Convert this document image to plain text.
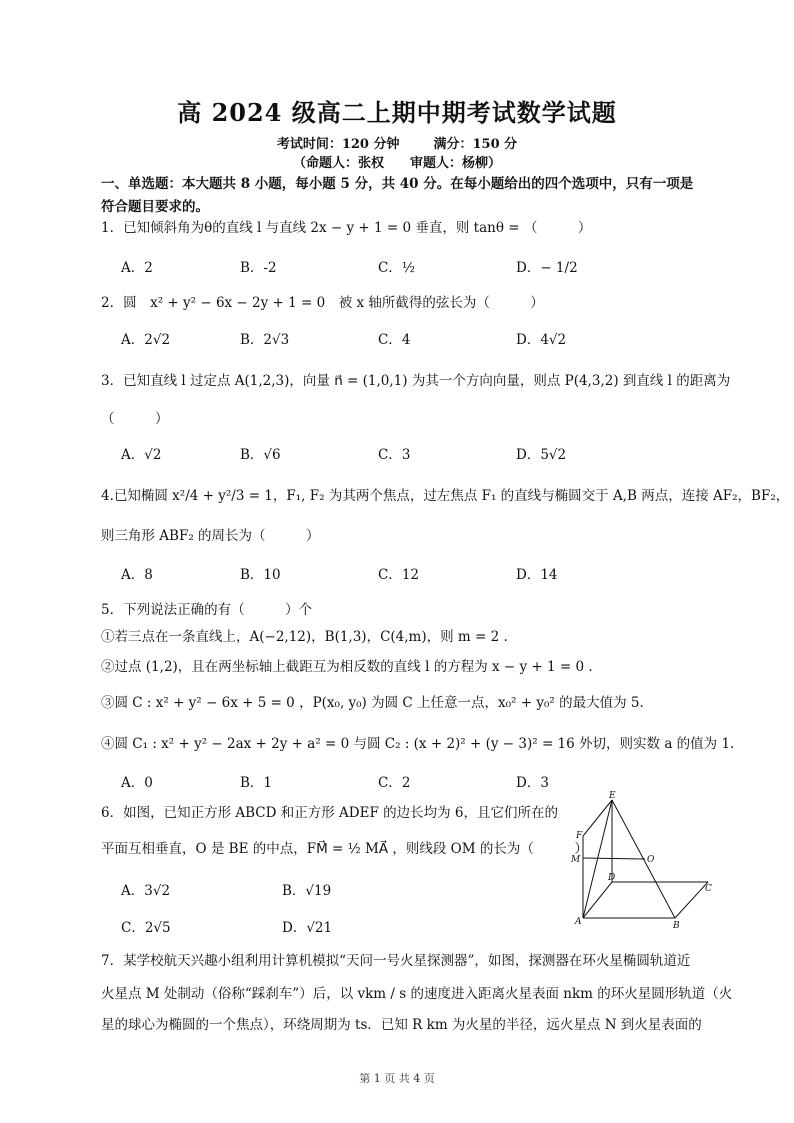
高 2024 级高二上期中期考试数学试题
考试时间：120 分钟	满分：150 分
（命题人：张权　　审题人：杨柳）
一、单选题：本大题共 8 小题，每小题 5 分，共 40 分。在每小题给出的四个选项中，只有一项是符合题目要求的。
1．已知倾斜角为θ的直线 l 与直线 2x − y + 1 = 0 垂直，则 tanθ = （　　　）
A．2	B．-2	C．½	D．− 1/2
2．圆　x² + y² − 6x − 2y + 1 = 0　被 x 轴所截得的弦长为（　　　）
A．2√2	B．2√3	C．4	D．4√2
3．已知直线 l 过定点 A(1,2,3)，向量 n⃗ = (1,0,1) 为其一个方向向量，则点 P(4,3,2) 到直线 l 的距离为
（　　　）
A．√2	B．√6	C．3	D．5√2
4.已知椭圆 x²/4 + y²/3 = 1，F₁, F₂ 为其两个焦点，过左焦点 F₁ 的直线与椭圆交于 A,B 两点，连接 AF₂，BF₂，
则三角形 ABF₂ 的周长为（　　　）
A．8	B．10	C．12	D．14
5．下列说法正确的有（　　　）个
①若三点在一条直线上，A(−2,12)，B(1,3)，C(4,m)，则 m = 2 .
②过点 (1,2)，且在两坐标轴上截距互为相反数的直线 l 的方程为 x − y + 1 = 0 .
③圆 C : x² + y² − 6x + 5 = 0 ，P(x₀, y₀) 为圆 C 上任意一点，x₀² + y₀² 的最大值为 5.
④圆 C₁ : x² + y² − 2ax + 2y + a² = 0 与圆 C₂ : (x + 2)² + (y − 3)² = 16 外切，则实数 a 的值为 1.
A．0	B．1	C．2	D．3
6．如图，已知正方形 ABCD 和正方形 ADEF 的边长均为 6，且它们所在的
平面互相垂直，O 是 BE 的中点，FM⃗ = ½ MA⃗ ，则线段 OM 的长为（　　　）
A．3√2	B．√19
C．2√5	D．√21
E
F
M	O
D
C
A	B
7．某学校航天兴趣小组利用计算机模拟“天问一号火星探测器”，如图，探测器在环火星椭圆轨道近
火星点 M 处制动（俗称“踩刹车”）后，以 vkm / s 的速度进入距离火星表面 nkm 的环火星圆形轨道（火
星的球心为椭圆的一个焦点），环绕周期为 ts．已知 R km 为火星的半径，远火星点 N 到火星表面的
第 1 页 共 4 页
